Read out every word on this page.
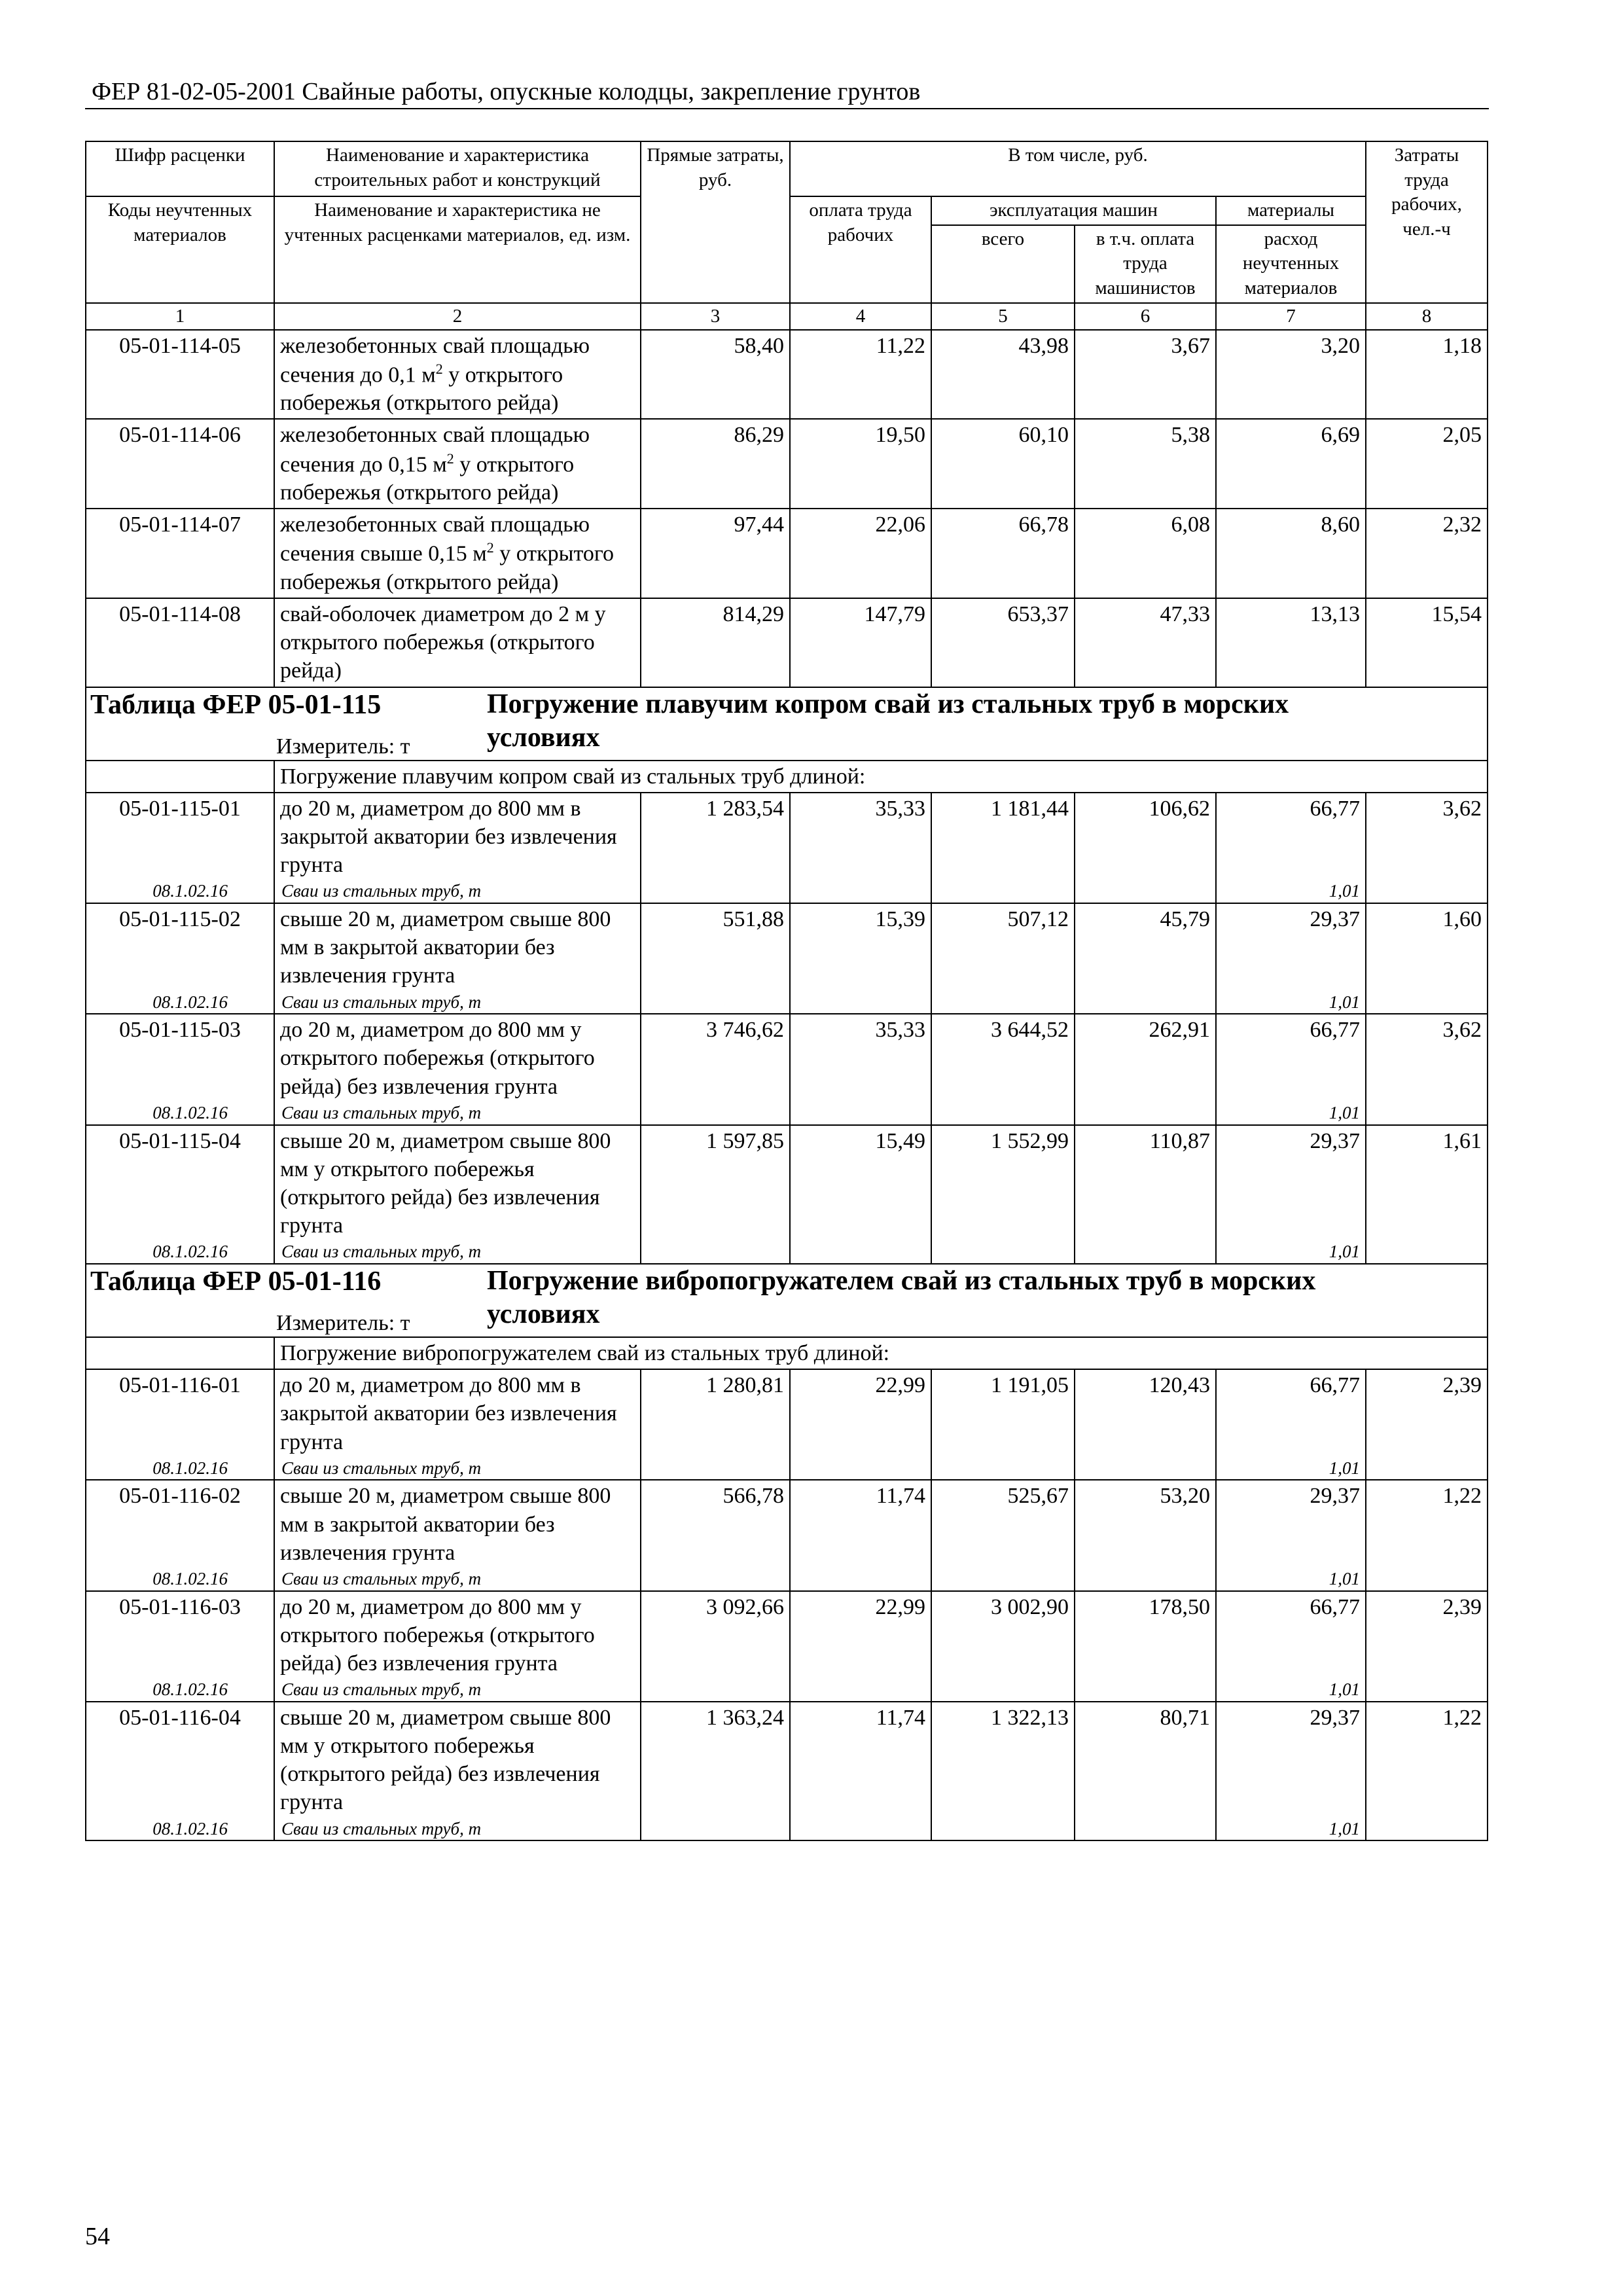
ФЕР 81-02-05-2001 Свайные работы, опускные колодцы, закрепление грунтов
Шифр расценки	Наименование и характеристика строительных работ и конструкций	Прямые затраты, руб.	В том числе, руб.				Затраты труда рабочих, чел.-ч
Коды неучтенных материалов	Наименование и характеристика не учтенных расценками материалов, ед. изм.		оплата труда рабочих	эксплуатация машин		материалы	
				всего	в т.ч. оплата труда машинистов	расход неучтенных материалов	
1	2	3	4	5	6	7	8
05-01-114-05	железобетонных свай площадью сечения до 0,1 $м^2$ у открытого побережья (открытого рейда)	58,40	11,22	43,98	3,67	3,20	1,18
05-01-114-06	железобетонных свай площадью сечения до 0,15 $м^2$ у открытого побережья (открытого рейда)	86,29	19,50	60,10	5,38	6,69	2,05
05-01-114-07	железобетонных свай площадью сечения свыше 0,15 $м^2$ у открытого побережья (открытого рейда)	97,44	22,06	66,78	6,08	8,60	2,32
05-01-114-08	свай-оболочек диаметром до 2 м у открытого побережья (открытого рейда)	814,29	147,79	653,37	47,33	13,13	15,54

Таблица ФЕР 05-01-115 Погружение плавучим копром свай из стальных труб в морских условиях
Измеритель: т							

	Погружение плавучим копром свай из стальных труб длиной:						
05-01-115-01	до 20 м, диаметром до 800 мм в закрытой акватории без извлечения грунта	1 283,54	35,33	1 181,44	106,62	66,77	3,62
08.1.02.16	Сваи из стальных труб, т					1,01	
05-01-115-02	свыше 20 м, диаметром свыше 800 мм в закрытой акватории без извлечения грунта	551,88	15,39	507,12	45,79	29,37	1,60
08.1.02.16	Сваи из стальных труб, т					1,01	
05-01-115-03	до 20 м, диаметром до 800 мм у открытого побережья (открытого рейда) без извлечения грунта	3 746,62	35,33	3 644,52	262,91	66,77	3,62
08.1.02.16	Сваи из стальных труб, т					1,01	
05-01-115-04	свыше 20 м, диаметром свыше 800 мм у открытого побережья (открытого рейда) без извлечения грунта	1 597,85	15,49	1 552,99	110,87	29,37	1,61
08.1.02.16	Сваи из стальных труб, т					1,01	

Таблица ФЕР 05-01-116 Погружение вибропогружателем свай из стальных труб в морских условиях
Измеритель: т							

	Погружение вибропогружателем свай из стальных труб длиной:						
05-01-116-01	до 20 м, диаметром до 800 мм в закрытой акватории без извлечения грунта	1 280,81	22,99	1 191,05	120,43	66,77	2,39
08.1.02.16	Сваи из стальных труб, т					1,01	
05-01-116-02	свыше 20 м, диаметром свыше 800 мм в закрытой акватории без извлечения грунта	566,78	11,74	525,67	53,20	29,37	1,22
08.1.02.16	Сваи из стальных труб, т					1,01	
05-01-116-03	до 20 м, диаметром до 800 мм у открытого побережья (открытого рейда) без извлечения грунта	3 092,66	22,99	3 002,90	178,50	66,77	2,39
08.1.02.16	Сваи из стальных труб, т					1,01	
05-01-116-04	свыше 20 м, диаметром свыше 800 мм у открытого побережья (открытого рейда) без извлечения грунта	1 363,24	11,74	1 322,13	80,71	29,37	1,22
08.1.02.16	Сваи из стальных труб, т					1,01	
54
